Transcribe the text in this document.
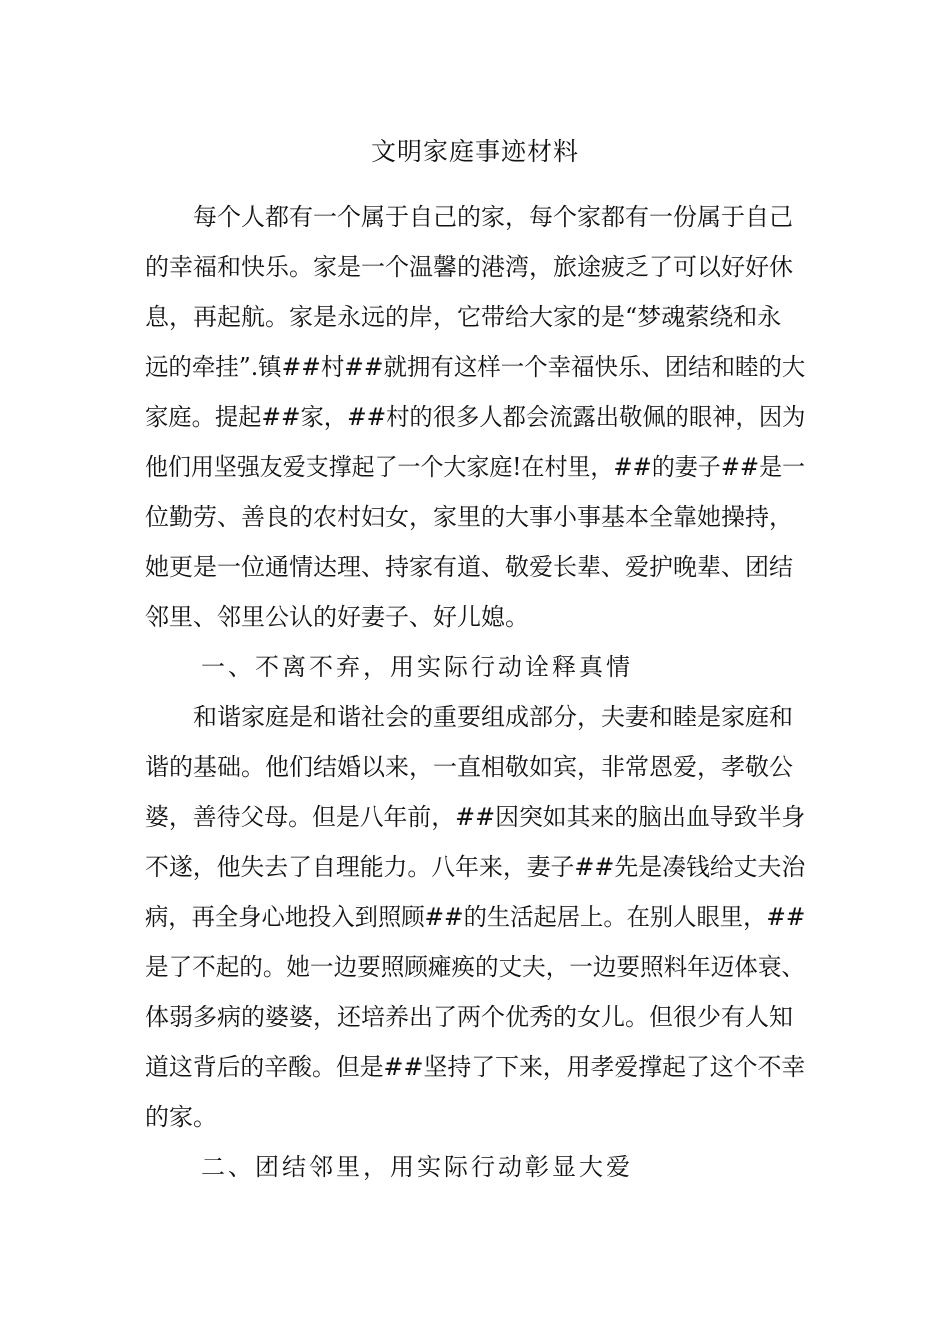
文明家庭事迹材料
每个人都有一个属于自己的家，每个家都有一份属于自己
的幸福和快乐。家是一个温馨的港湾，旅途疲乏了可以好好休
息，再起航。家是永远的岸，它带给大家的是“梦魂萦绕和永
远的牵挂”.镇##村##就拥有这样一个幸福快乐、团结和睦的大
家庭。提起##家，##村的很多人都会流露出敬佩的眼神，因为
他们用坚强友爱支撑起了一个大家庭!在村里，##的妻子##是一
位勤劳、善良的农村妇女，家里的大事小事基本全靠她操持，
她更是一位通情达理、持家有道、敬爱长辈、爱护晚辈、团结
邻里、邻里公认的好妻子、好儿媳。
一、不离不弃，用实际行动诠释真情
和谐家庭是和谐社会的重要组成部分，夫妻和睦是家庭和
谐的基础。他们结婚以来，一直相敬如宾，非常恩爱，孝敬公
婆，善待父母。但是八年前，##因突如其来的脑出血导致半身
不遂，他失去了自理能力。八年来，妻子##先是凑钱给丈夫治
病，再全身心地投入到照顾##的生活起居上。在别人眼里，##
是了不起的。她一边要照顾瘫痪的丈夫，一边要照料年迈体衰、
体弱多病的婆婆，还培养出了两个优秀的女儿。但很少有人知
道这背后的辛酸。但是##坚持了下来，用孝爱撑起了这个不幸
的家。
二、团结邻里，用实际行动彰显大爱
